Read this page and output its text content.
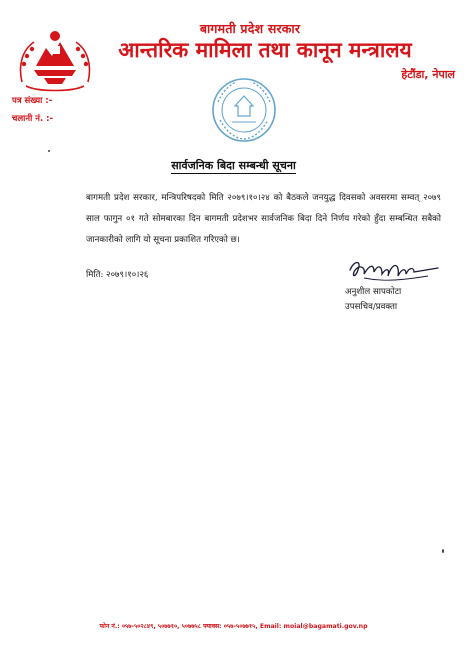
बागमती प्रदेश सरकार
आन्तरिक मामिला तथा कानून मन्त्रालय
हेटौंडा, नेपाल
पत्र संख्या :-
चलानी नं. :-
सार्वजनिक बिदा सम्बन्धी सूचना
बागमती प्रदेश सरकार, मन्त्रिपरिषदको मिति २०७९।१०।२४ को बैठकले जनयुद्ध दिवसको अवसरमा सम्वत् २०७९ साल फागुन ०१ गते सोमबारका दिन बागमती प्रदेशभर सार्वजनिक बिदा दिने निर्णय गरेको हुँदा सम्बन्धित सबैको जानकारीको लागि यो सूचना प्रकाशित गरिएको छ।
मिति: २०७९।१०।२६
अनुशील सापकोटा
उपसचिव/प्रवक्ता
फोन नं.: ०५७-५०२८४९, ५०७७१०, ५०७७५८ फ्याक्स: ०५७-५०७७१५, Email: moial@bagamati.gov.np
